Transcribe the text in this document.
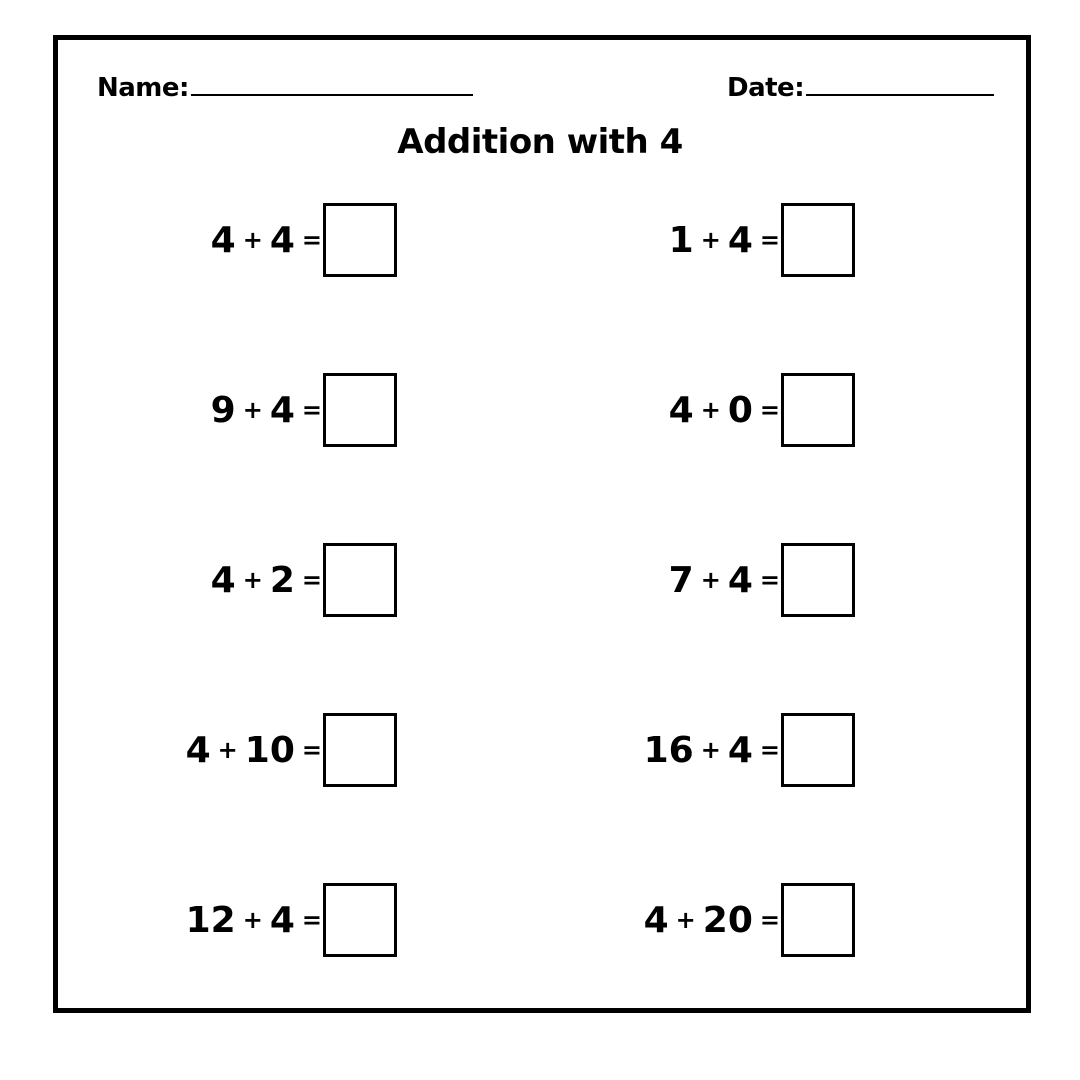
Name:	Date:
Addition with 4
4 + 4 =	1 + 4 =
9 + 4 =	4 + 0 =
4 + 2 =	7 + 4 =
4 + 10 =	16 + 4 =
12 + 4 =	4 + 20 =
